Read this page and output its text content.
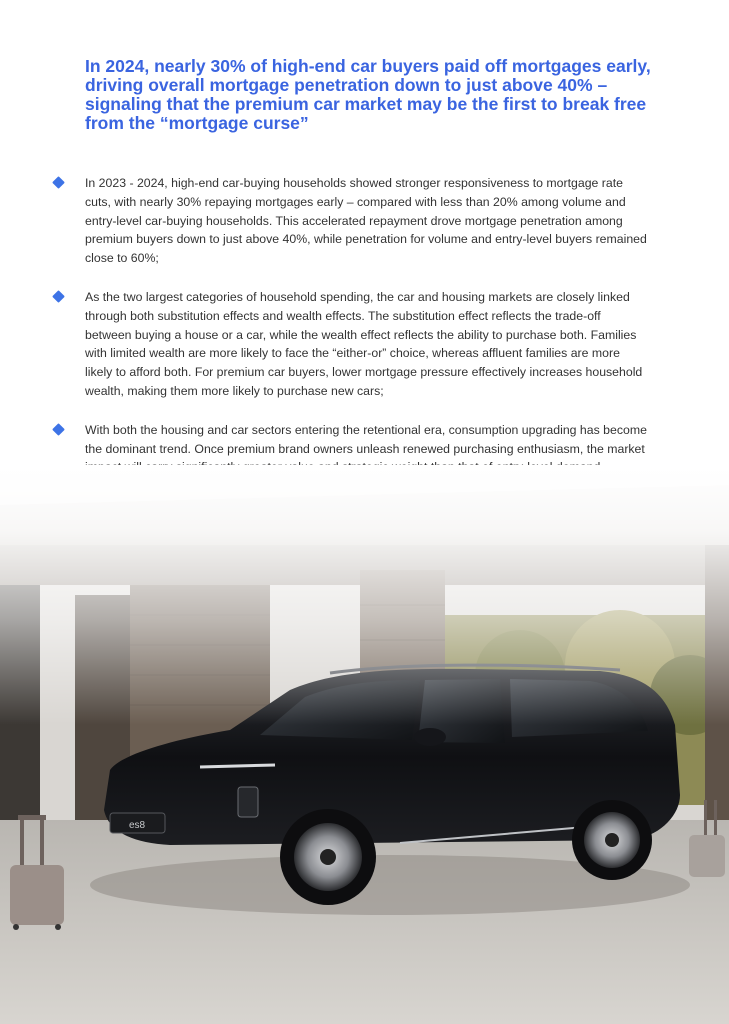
In 2024, nearly 30% of high-end car buyers paid off mortgages early, driving overall mortgage penetration down to just above 40% – signaling that the premium car market may be the first to break free from the “mortgage curse”
In 2023 - 2024, high-end car-buying households showed stronger responsiveness to mortgage rate cuts, with nearly 30% repaying mortgages early – compared with less than 20% among volume and entry-level car-buying households. This accelerated repayment drove mortgage penetration among premium buyers down to just above 40%, while penetration for volume and entry-level buyers remained close to 60%;
As the two largest categories of household spending, the car and housing markets are closely linked through both substitution effects and wealth effects. The substitution effect reflects the trade-off between buying a house or a car, while the wealth effect reflects the ability to purchase both. Families with limited wealth are more likely to face the “either-or” choice, whereas affluent families are more likely to afford both. For premium car buyers, lower mortgage pressure effectively increases household wealth, making them more likely to purchase new cars;
With both the housing and car sectors entering the retentional era, consumption upgrading has become the dominant trend. Once premium brand owners unleash renewed purchasing enthusiasm, the market
es8
